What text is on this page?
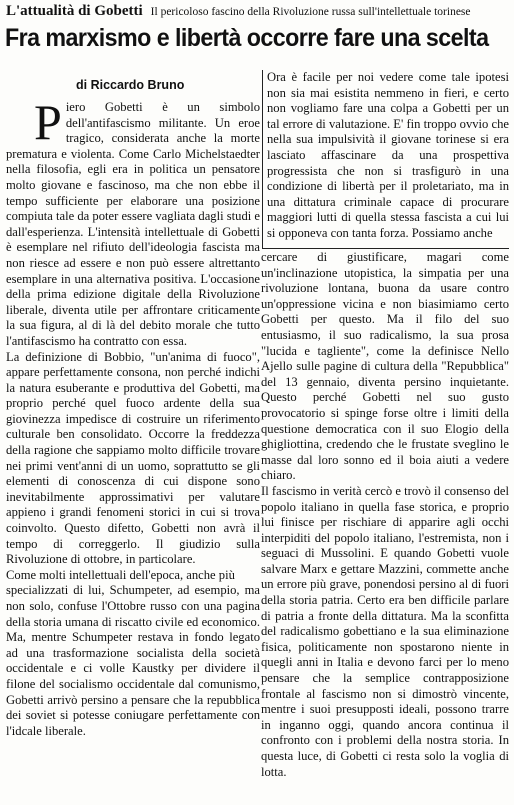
L'attualità di Gobetti Il pericoloso fascino della Rivoluzione russa sull'intellettuale torinese
Fra marxismo e libertà occorre fare una scelta
di Riccardo Bruno

Piero Gobetti è un simbolo dell'antifascismo militante. Un eroe tragico, considerata anche la morte prematura e violenta. Come Carlo Michelstaedter nella filosofia, egli era in politica un pensatore molto giovane e fascinoso, ma che non ebbe il tempo sufficiente per elaborare una posizione compiuta tale da poter essere vagliata dagli studi e dall'esperienza. L'intensità intellettuale di Gobetti è esemplare nel rifiuto dell'ideologia fascista ma non riesce ad essere e non può essere altrettanto esemplare in una alternativa positiva. L'occasione della prima edizione digitale della Rivoluzione liberale, diventa utile per affrontare criticamente la sua figura, al di là del debito morale che tutto l'antifascismo ha contratto con essa.

La definizione di Bobbio, "un'anima di fuoco", appare perfettamente consona, non perché indichi la natura esuberante e produttiva del Gobetti, ma proprio perché quel fuoco ardente della sua giovinezza impedisce di costruire un riferimento culturale ben consolidato. Occorre la freddezza della ragione che sappiamo molto difficile trovare nei primi vent'anni di un uomo, soprattutto se gli elementi di conoscenza di cui dispone sono inevitabilmente approssimativi per valutare appieno i grandi fenomeni storici in cui si trova coinvolto. Questo difetto, Gobetti non avrà il tempo di correggerlo. Il giudizio sulla Rivoluzione di ottobre, in particolare.

Come molti intellettuali dell'epoca, anche più

specializzati di lui, Schumpeter, ad esempio, ma non solo, confuse l'Ottobre russo con una pagina della storia umana di riscatto civile ed economico. Ma, mentre Schumpeter restava in fondo legato ad una trasformazione socialista della società occidentale e ci volle Kaustky per dividere il filone del socialismo occidentale dal comunismo, Gobetti arrivò persino a pensare che la repubblica dei soviet si potesse coniugare perfettamente con l'idcale liberale.

Ora è facile per noi vedere come tale ipotesi non sia mai esistita nemmeno in fieri, e certo non vogliamo fare una colpa a Gobetti per un tal errore di valutazione. E' fin troppo ovvio che nella sua impulsività il giovane torinese si era lasciato affascinare da una prospettiva progressista che non si trasfigurò in una condizione di libertà per il proletariato, ma in una dittatura criminale capace di procurare maggiori lutti di quella stessa fascista a cui lui si opponeva con tanta forza. Possiamo anche

cercare di giustificare, magari come un'inclinazione utopistica, la simpatia per una rivoluzione lontana, buona da usare contro un'oppressione vicina e non biasimiamo certo Gobetti per questo. Ma il filo del suo entusiasmo, il suo radicalismo, la sua prosa "lucida e tagliente", come la definisce Nello Ajello sulle pagine di cultura della "Repubblica" del 13 gennaio, diventa persino inquietante. Questo perché Gobetti nel suo gusto provocatorio si spinge forse oltre i limiti della questione democratica con il suo Elogio della ghigliottina, credendo che le frustate sveglino le masse dal loro sonno ed il boia aiuti a vedere chiaro.

Il fascismo in verità cercò e trovò il consenso del popolo italiano in quella fase storica, e proprio lui finisce per rischiare di apparire agli occhi interpiditi del popolo italiano, l'estremista, non i seguaci di Mussolini. E quando Gobetti vuole salvare Marx e gettare Mazzini, commette anche un errore più grave, ponendosi persino al di fuori della storia patria. Certo era ben difficile parlare di patria a fronte della dittatura. Ma la sconfitta del radicalismo gobettiano e la sua eliminazione fisica, politicamente non spostarono niente in quegli anni in Italia e devono farci per lo meno pensare che la semplice contrapposizione frontale al fascismo non si dimostrò vincente, mentre i suoi presupposti ideali, possono trarre in inganno oggi, quando ancora continua il confronto con i problemi della nostra storia. In questa luce, di Gobetti ci resta solo la voglia di lotta.
